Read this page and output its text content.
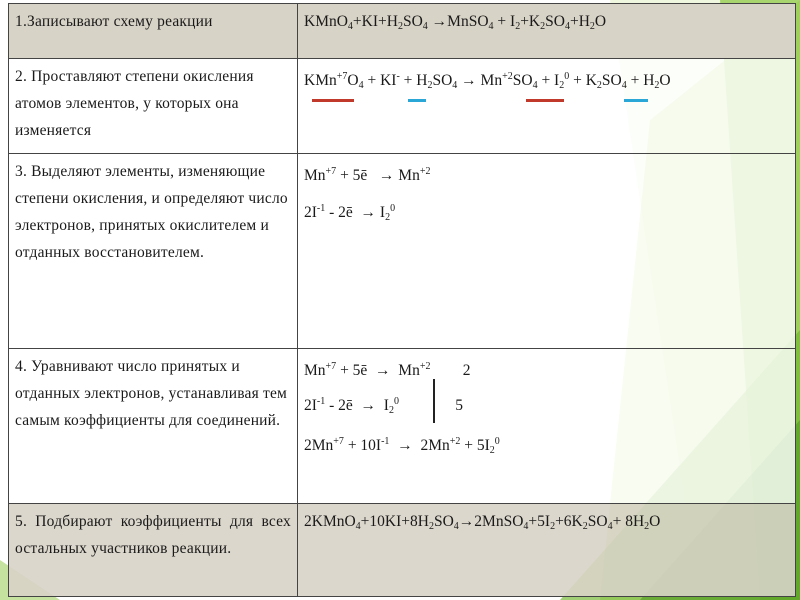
1.Записывают схему реакции	$KMnO_4+KI+H_2SO_4$ →MnSO$_4$ + $I_2+K_2SO_4+H_2O$
2. Проставляют степени окисления атомов элементов, у которых она изменяется	$KMn^{+7}O_4 + KI^- + H_2SO_4 \to Mn^{+2}SO_4 + I_2^0 + K_2SO_4 + H_2O$

3. Выделяют элементы, изменяющие степени окисления, и определяют число электронов, принятых окислителем и отданных восстановителем.	$Mn^{+7}$ + 5ē   → $Mn^{+2}$
$2I^{-1}$ - 2ē  → $I_2^0$

4. Уравнивают число принятых и отданных электронов, устанавливая тем самым коэффициенты для соединений.	$Mn^{+7}$ + 5ē  →  $Mn^{+2}$ 2
$2I^{-1}$ - 2ē  →  $I_2^0$ 5
$2Mn^{+7} + 10I^{-1} \to 2Mn^{+2} + 5I_2^0$

5. Подбирают коэффициенты для всех остальных участников реакции.	$2KMnO_4+10KI+8H_2SO_4\to 2MnSO_4+5I_2+6K_2SO_4+ 8H_2O$
